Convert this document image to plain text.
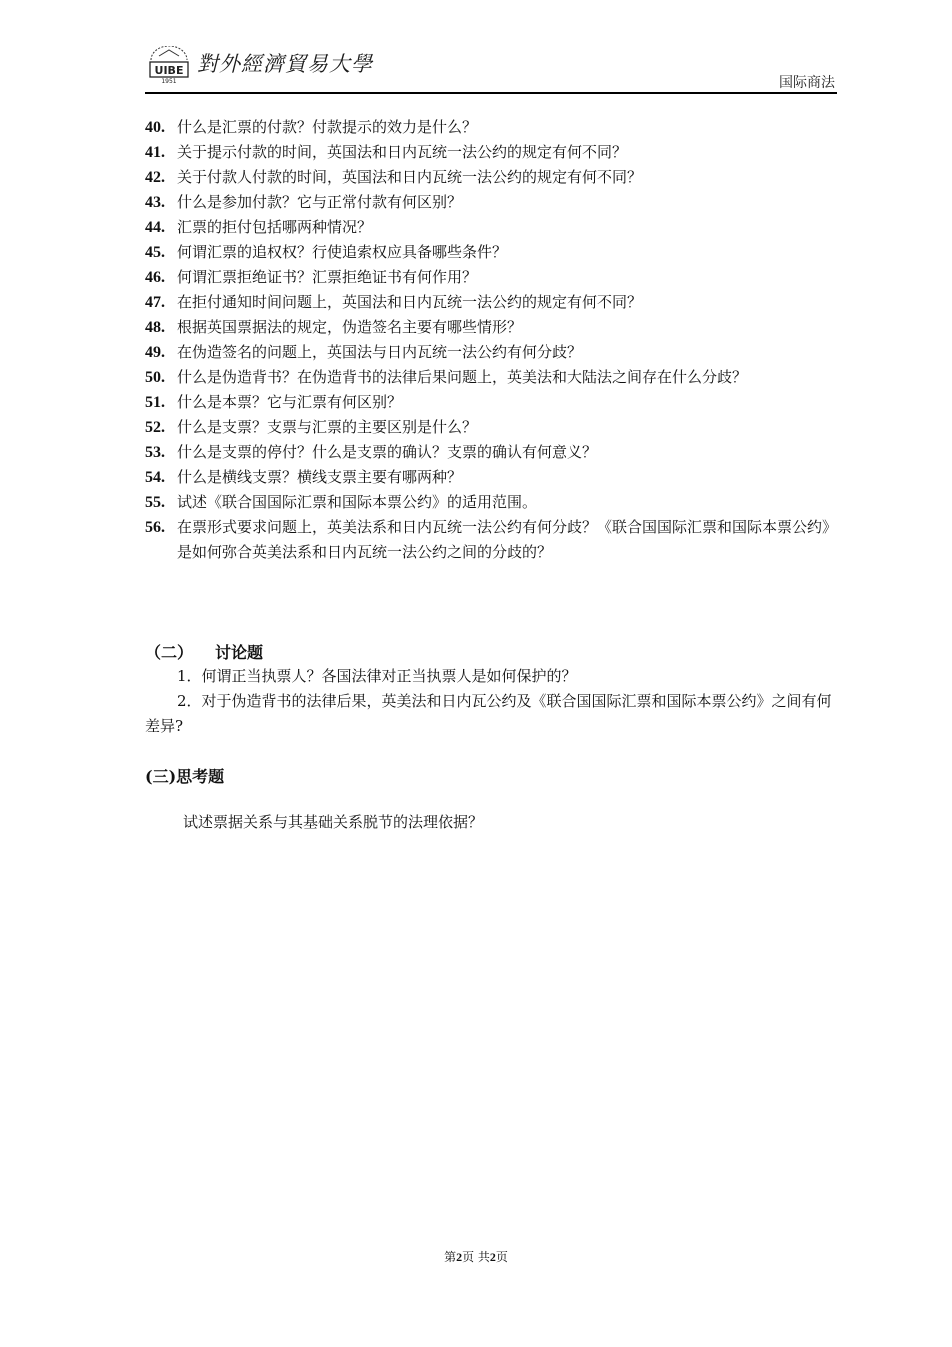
UIBE
1951
對外經濟貿易大學
国际商法
40. 什么是汇票的付款？付款提示的效力是什么？
41. 关于提示付款的时间，英国法和日内瓦统一法公约的规定有何不同？
42. 关于付款人付款的时间，英国法和日内瓦统一法公约的规定有何不同？
43. 什么是参加付款？它与正常付款有何区别？
44. 汇票的拒付包括哪两种情况？
45. 何谓汇票的追权权？行使追索权应具备哪些条件？
46. 何谓汇票拒绝证书？汇票拒绝证书有何作用？
47. 在拒付通知时间问题上，英国法和日内瓦统一法公约的规定有何不同？
48. 根据英国票据法的规定，伪造签名主要有哪些情形？
49. 在伪造签名的问题上，英国法与日内瓦统一法公约有何分歧？
50. 什么是伪造背书？在伪造背书的法律后果问题上，英美法和大陆法之间存在什么分歧？
51. 什么是本票？它与汇票有何区别？
52. 什么是支票？支票与汇票的主要区别是什么？
53. 什么是支票的停付？什么是支票的确认？支票的确认有何意义？
54. 什么是横线支票？横线支票主要有哪两种？
55. 试述《联合国国际汇票和国际本票公约》的适用范围。
56. 在票形式要求问题上，英美法系和日内瓦统一法公约有何分歧？《联合国国际汇票和国际本票公约》是如何弥合英美法系和日内瓦统一法公约之间的分歧的？
（二） 讨论题

1．何谓正当执票人？各国法律对正当执票人是如何保护的？

2．对于伪造背书的法律后果，英美法和日内瓦公约及《联合国国际汇票和国际本票公约》之间有何差异?

(三)思考题
试述票据关系与其基础关系脱节的法理依据？
第2页 共2页
